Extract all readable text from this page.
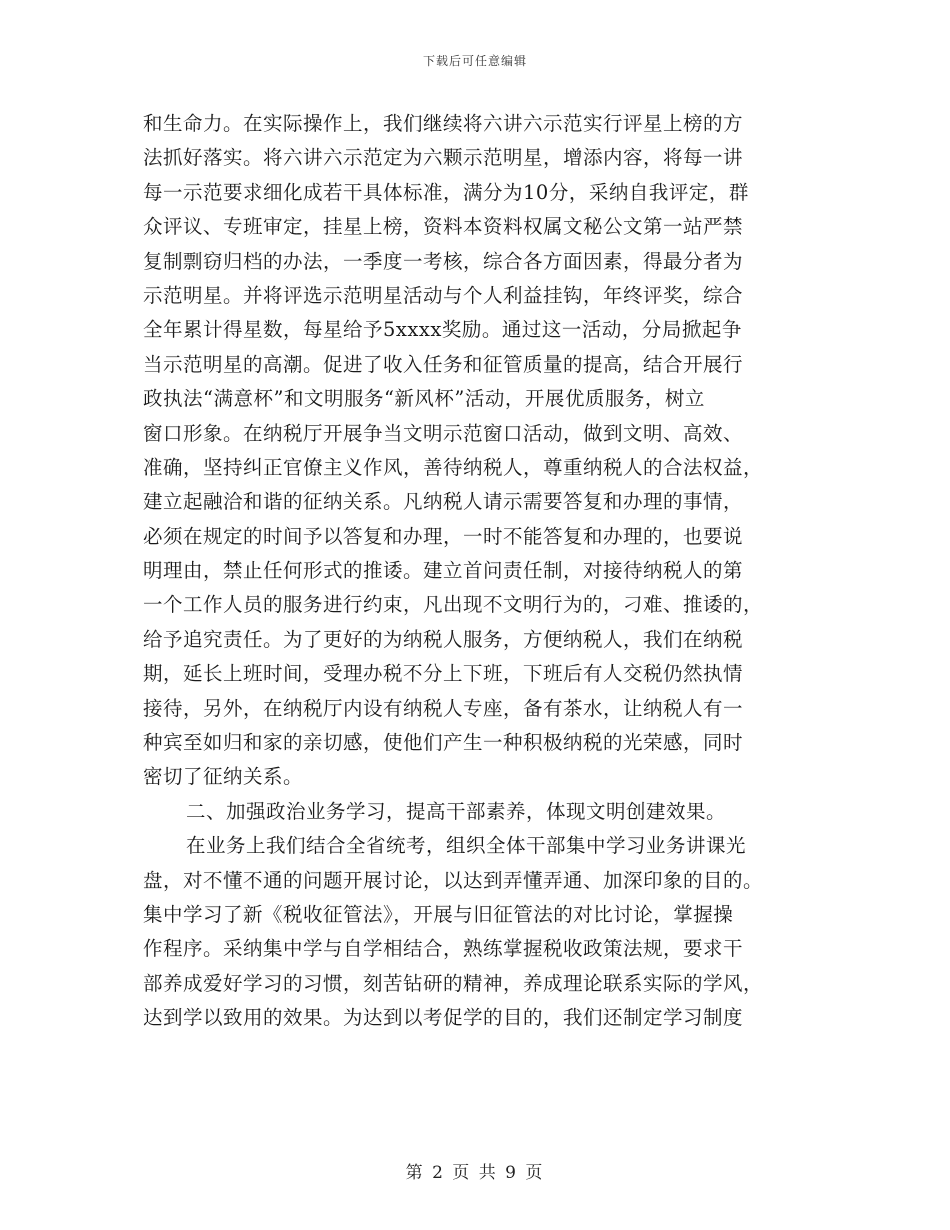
下载后可任意编辑
和生命力。在实际操作上，我们继续将六讲六示范实行评星上榜的方
法抓好落实。将六讲六示范定为六颗示范明星，增添内容，将每一讲
每一示范要求细化成若干具体标准，满分为10分，采纳自我评定，群
众评议、专班审定，挂星上榜，资料本资料权属文秘公文第一站严禁
复制剽窃归档的办法，一季度一考核，综合各方面因素，得最分者为
示范明星。并将评选示范明星活动与个人利益挂钩，年终评奖，综合
全年累计得星数，每星给予5xxxx奖励。通过这一活动，分局掀起争
当示范明星的高潮。促进了收入任务和征管质量的提高，结合开展行
政执法“满意杯”和文明服务“新风杯”活动，开展优质服务，树立
窗口形象。在纳税厅开展争当文明示范窗口活动，做到文明、高效、
准确，坚持纠正官僚主义作风，善待纳税人，尊重纳税人的合法权益，
建立起融洽和谐的征纳关系。凡纳税人请示需要答复和办理的事情，
必须在规定的时间予以答复和办理，一时不能答复和办理的，也要说
明理由，禁止任何形式的推诿。建立首问责任制，对接待纳税人的第
一个工作人员的服务进行约束，凡出现不文明行为的，刁难、推诿的，
给予追究责任。为了更好的为纳税人服务，方便纳税人，我们在纳税
期，延长上班时间，受理办税不分上下班，下班后有人交税仍然执情
接待，另外，在纳税厅内设有纳税人专座，备有茶水，让纳税人有一
种宾至如归和家的亲切感，使他们产生一种积极纳税的光荣感，同时
密切了征纳关系。
二、加强政治业务学习，提高干部素养，体现文明创建效果。
在业务上我们结合全省统考，组织全体干部集中学习业务讲课光
盘，对不懂不通的问题开展讨论，以达到弄懂弄通、加深印象的目的。
集中学习了新《税收征管法》，开展与旧征管法的对比讨论，掌握操
作程序。采纳集中学与自学相结合，熟练掌握税收政策法规，要求干
部养成爱好学习的习惯，刻苦钻研的精神，养成理论联系实际的学风，
达到学以致用的效果。为达到以考促学的目的，我们还制定学习制度
第 2 页 共 9 页
